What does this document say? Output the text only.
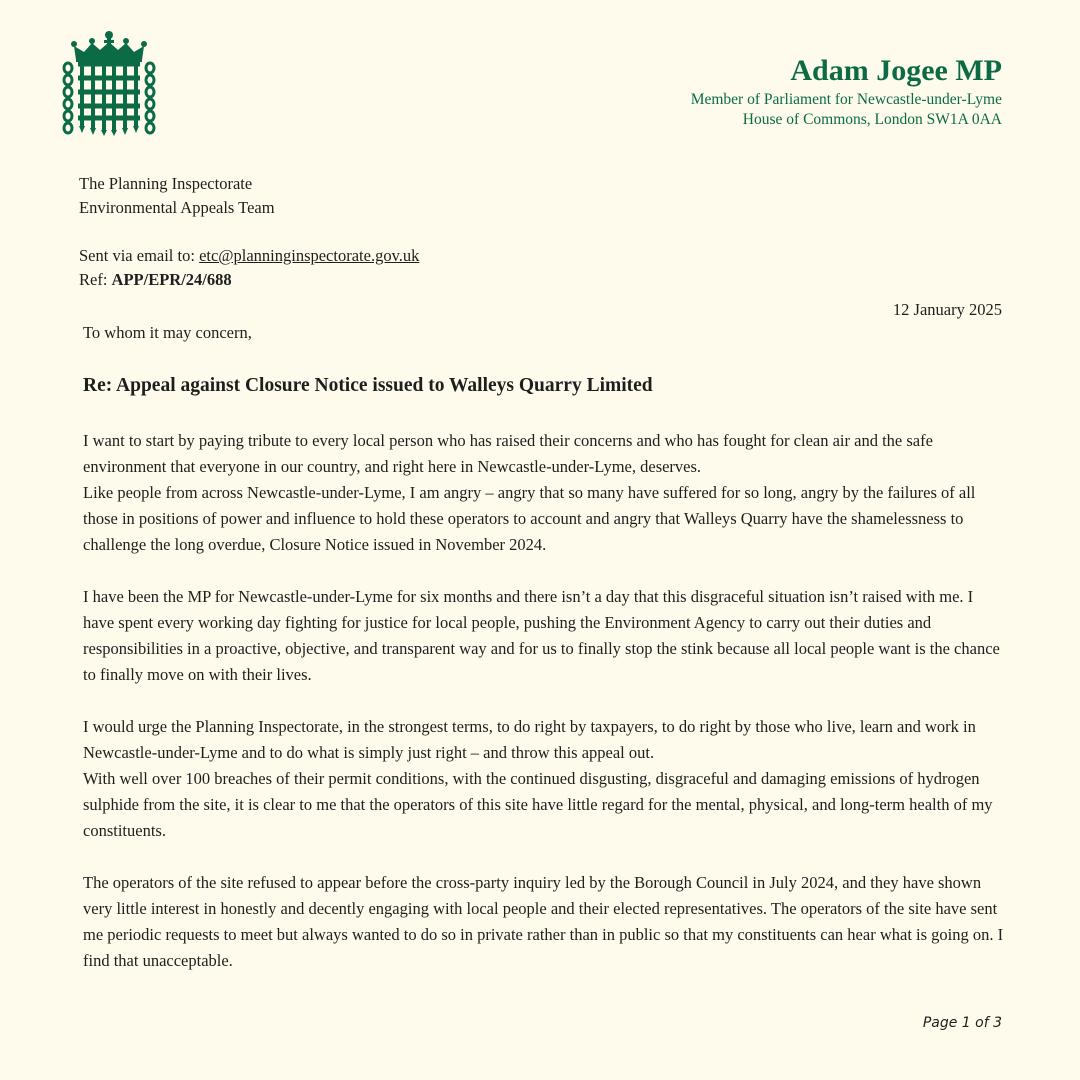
Adam Jogee MP
Member of Parliament for Newcastle-under-Lyme
House of Commons, London SW1A 0AA
The Planning Inspectorate
Environmental Appeals Team
Sent via email to: etc@planninginspectorate.gov.uk
Ref: APP/EPR/24/688
12 January 2025
To whom it may concern,
Re: Appeal against Closure Notice issued to Walleys Quarry Limited

I want to start by paying tribute to every local person who has raised their concerns and who has fought for clean air and the safe environment that everyone in our country, and right here in Newcastle-under-Lyme, deserves.

Like people from across Newcastle-under-Lyme, I am angry – angry that so many have suffered for so long, angry by the failures of all those in positions of power and influence to hold these operators to account and angry that Walleys Quarry have the shamelessness to challenge the long overdue, Closure Notice issued in November 2024.

I have been the MP for Newcastle-under-Lyme for six months and there isn’t a day that this disgraceful situation isn’t raised with me. I have spent every working day fighting for justice for local people, pushing the Environment Agency to carry out their duties and responsibilities in a proactive, objective, and transparent way and for us to finally stop the stink because all local people want is the chance to finally move on with their lives.

I would urge the Planning Inspectorate, in the strongest terms, to do right by taxpayers, to do right by those who live, learn and work in Newcastle-under-Lyme and to do what is simply just right – and throw this appeal out.

With well over 100 breaches of their permit conditions, with the continued disgusting, disgraceful and damaging emissions of hydrogen sulphide from the site, it is clear to me that the operators of this site have little regard for the mental, physical, and long-term health of my constituents.

The operators of the site refused to appear before the cross-party inquiry led by the Borough Council in July 2024, and they have shown very little interest in honestly and decently engaging with local people and their elected representatives. The operators of the site have sent me periodic requests to meet but always wanted to do so in private rather than in public so that my constituents can hear what is going on. I find that unacceptable.

Page 1 of 3
